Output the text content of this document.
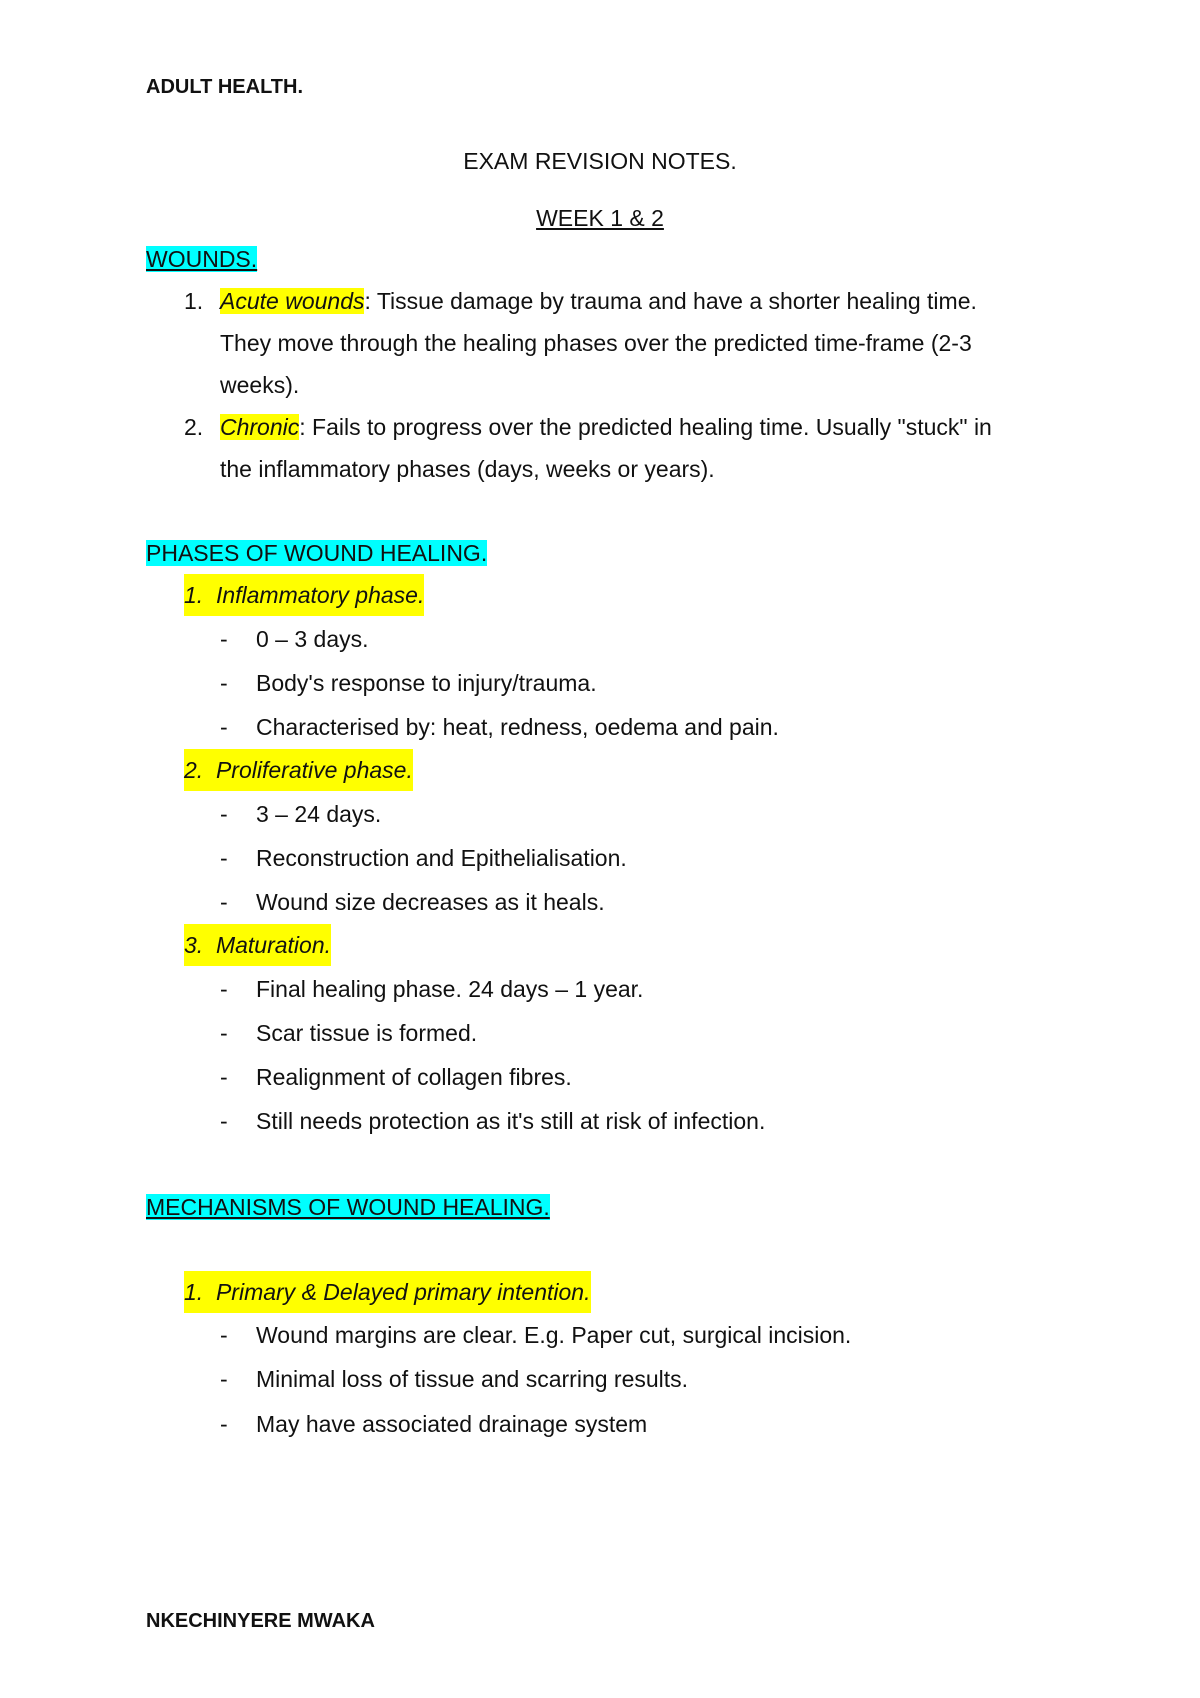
ADULT HEALTH.

EXAM REVISION NOTES.

WEEK 1 & 2

WOUNDS.

1. Acute wounds: Tissue damage by trauma and have a shorter healing time.
They move through the healing phases over the predicted time-frame (2-3
weeks).
2. Chronic: Fails to progress over the predicted healing time. Usually "stuck" in
the inflammatory phases (days, weeks or years).

PHASES OF WOUND HEALING.

1.  Inflammatory phase.
- 0 – 3 days.
- Body's response to injury/trauma.
- Characterised by: heat, redness, oedema and pain.
2.  Proliferative phase.
- 3 – 24 days.
- Reconstruction and Epithelialisation.
- Wound size decreases as it heals.
3.  Maturation.
- Final healing phase. 24 days – 1 year.
- Scar tissue is formed.
- Realignment of collagen fibres.
- Still needs protection as it's still at risk of infection.

MECHANISMS OF WOUND HEALING.

1.  Primary & Delayed primary intention.
- Wound margins are clear. E.g. Paper cut, surgical incision.
- Minimal loss of tissue and scarring results.
- May have associated drainage system

NKECHINYERE MWAKA
